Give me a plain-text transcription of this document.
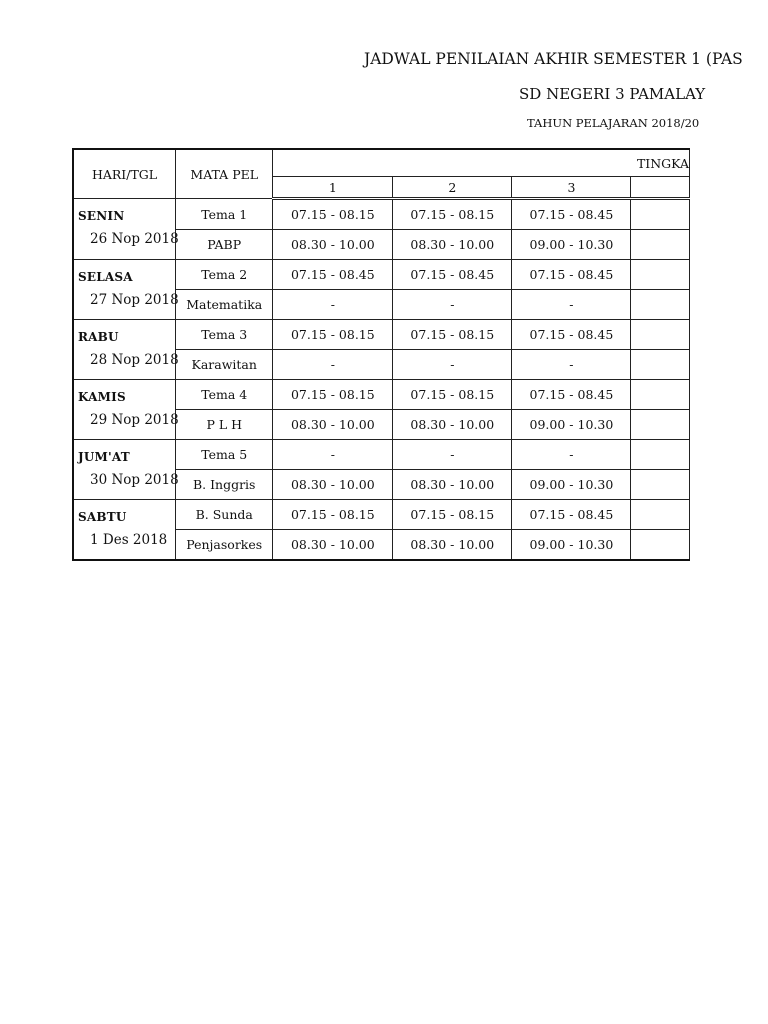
JADWAL PENILAIAN AKHIR SEMESTER 1 (PAS
SD NEGERI 3 PAMALAY
TAHUN PELAJARAN 2018/20
HARI/TGL	MATA PEL	TINGKA			
		1	2	3	

SENIN
26 Nop 2018	Tema 1	07.15 - 08.15	07.15 - 08.15	07.15 - 08.45	
	PABP	08.30 - 10.00	08.30 - 10.00	09.00 - 10.30	

SELASA
27 Nop 2018	Tema 2	07.15 - 08.45	07.15 - 08.45	07.15 - 08.45	
	Matematika	-	-	-	

RABU
28 Nop 2018	Tema 3	07.15 - 08.15	07.15 - 08.15	07.15 - 08.45	
	Karawitan	-	-	-	

KAMIS
29 Nop 2018	Tema 4	07.15 - 08.15	07.15 - 08.15	07.15 - 08.45	
	P L H	08.30 - 10.00	08.30 - 10.00	09.00 - 10.30	

JUM'AT
30 Nop 2018	Tema 5	-	-	-	
	B. Inggris	08.30 - 10.00	08.30 - 10.00	09.00 - 10.30	

SABTU
1 Des 2018	B. Sunda	07.15 - 08.15	07.15 - 08.15	07.15 - 08.45	
	Penjasorkes	08.30 - 10.00	08.30 - 10.00	09.00 - 10.30	
